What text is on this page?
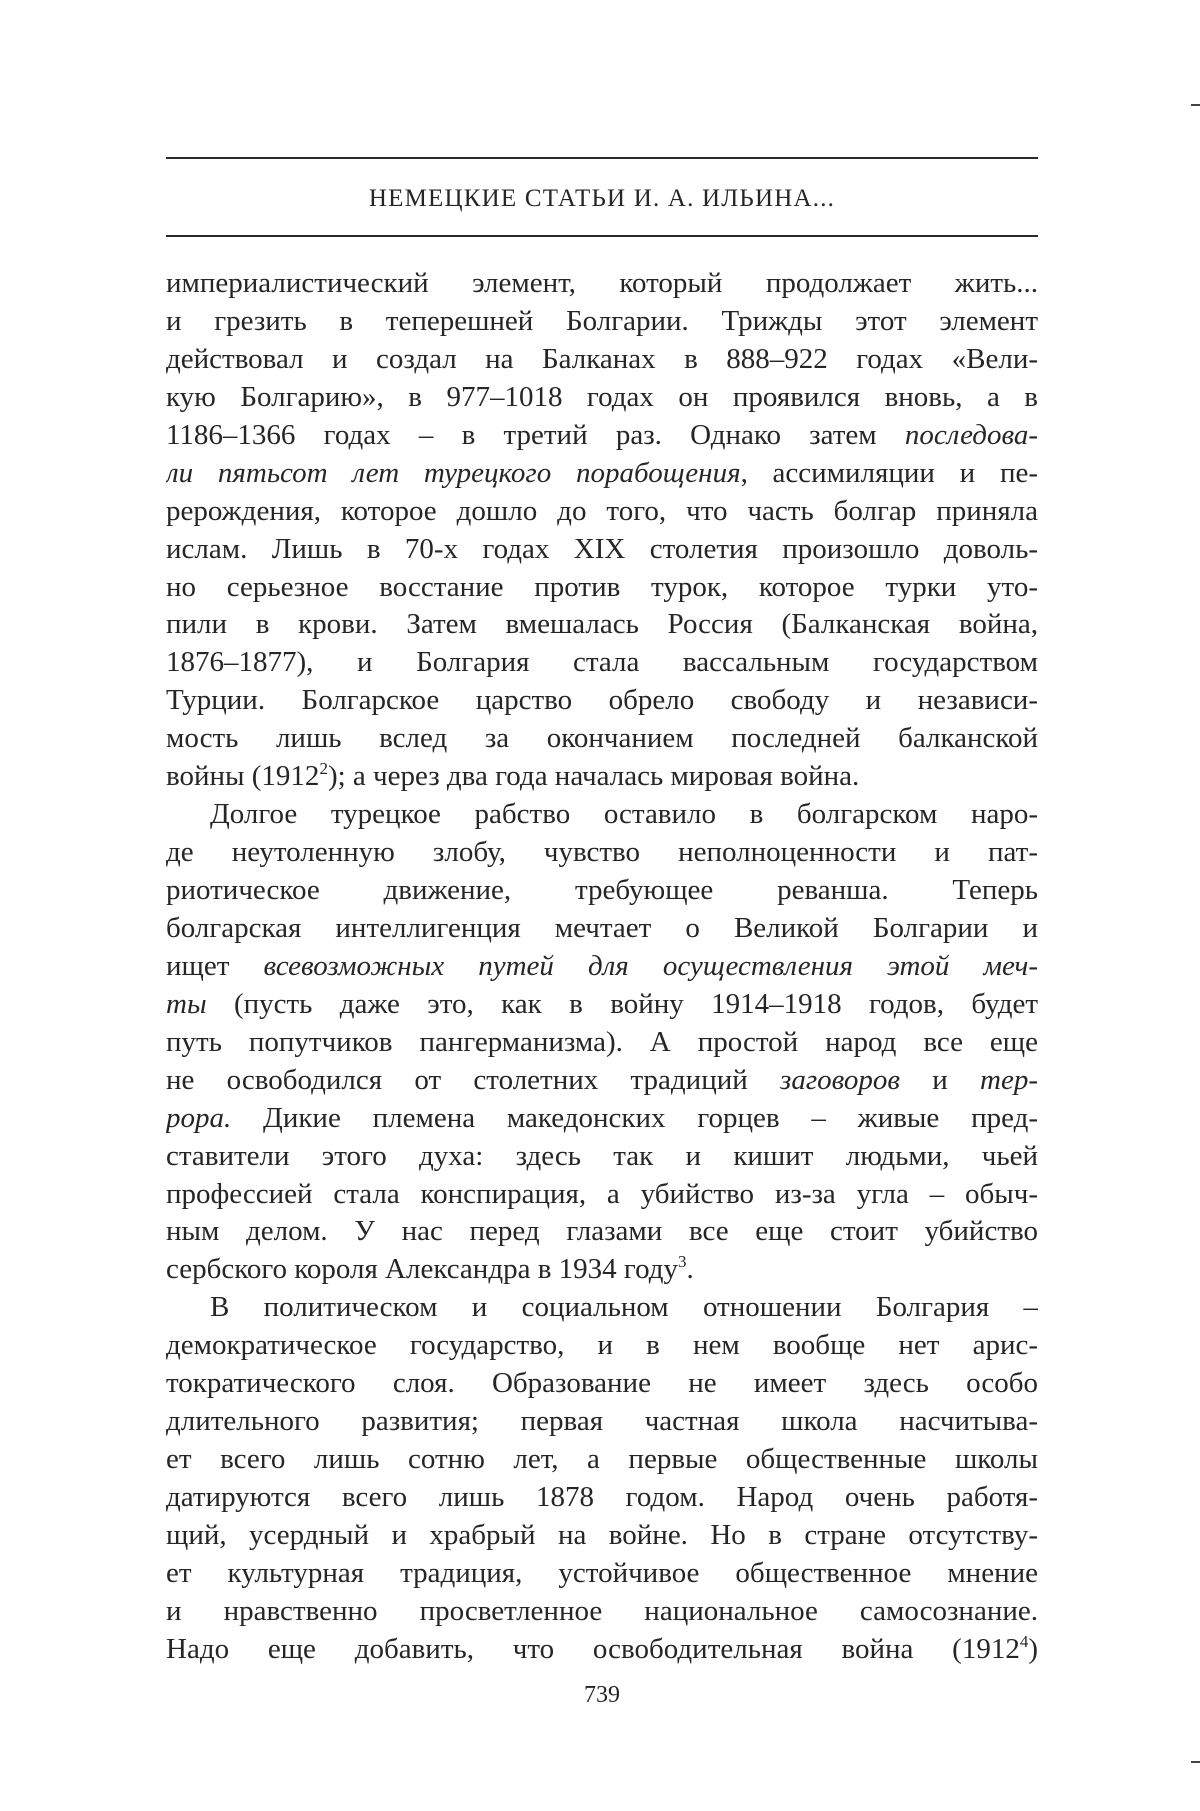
НЕМЕЦКИЕ СТАТЬИ И. А. ИЛЬИНА...
империалистический элемент, который продолжает жить...
и грезить в теперешней Болгарии. Трижды этот элемент
действовал и создал на Балканах в 888–922 годах «Вели-
кую Болгарию», в 977–1018 годах он проявился вновь, а в
1186–1366 годах – в третий раз. Однако затем последова-
ли пятьсот лет турецкого порабощения, ассимиляции и пе-
рерождения, которое дошло до того, что часть болгар приняла
ислам. Лишь в 70-х годах XIX столетия произошло доволь-
но серьезное восстание против турок, которое турки уто-
пили в крови. Затем вмешалась Россия (Балканская война,
1876–1877), и Болгария стала вассальным государством
Турции. Болгарское царство обрело свободу и независи-
мость лишь вслед за окончанием последней балканской
войны (1912$^2$); а через два года началась мировая война.
Долгое турецкое рабство оставило в болгарском наро-
де неутоленную злобу, чувство неполноценности и пат-
риотическое движение, требующее реванша. Теперь
болгарская интеллигенция мечтает о Великой Болгарии и
ищет всевозможных путей для осуществления этой меч-
ты (пусть даже это, как в войну 1914–1918 годов, будет
путь попутчиков пангерманизма). А простой народ все еще
не освободился от столетних традиций заговоров и тер-
рора. Дикие племена македонских горцев – живые пред-
ставители этого духа: здесь так и кишит людьми, чьей
профессией стала конспирация, а убийство из-за угла – обыч-
ным делом. У нас перед глазами все еще стоит убийство
сербского короля Александра в 1934 году$^3$.
В политическом и социальном отношении Болгария –
демократическое государство, и в нем вообще нет арис-
тократического слоя. Образование не имеет здесь особо
длительного развития; первая частная школа насчитыва-
ет всего лишь сотню лет, а первые общественные школы
датируются всего лишь 1878 годом. Народ очень работя-
щий, усердный и храбрый на войне. Но в стране отсутству-
ет культурная традиция, устойчивое общественное мнение
и нравственно просветленное национальное самосознание.
Надо еще добавить, что освободительная война (1912$^4$)
739
